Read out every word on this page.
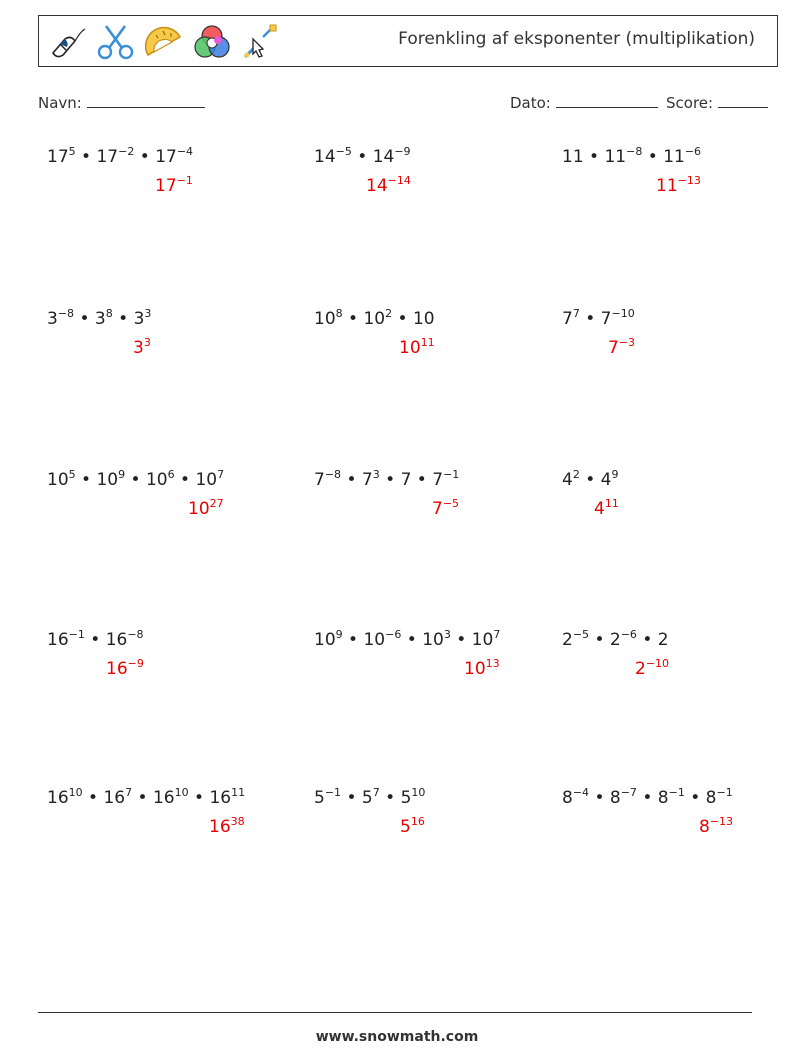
Forenkling af eksponenter (multiplikation)
Navn:	Dato:	Score:
$17^5$ • $17^{-2}$ • $17^{-4}$
$17^{-1}$
$14^{-5}$ • $14^{-9}$
$14^{-14}$
11 • $11^{-8}$ • $11^{-6}$
$11^{-13}$
$3^{-8}$ • $3^8$ • $3^3$
$3^3$
$10^8$ • $10^2$ • 10
$10^{11}$
$7^7$ • $7^{-10}$
$7^{-3}$
$10^5$ • $10^9$ • $10^6$ • $10^7$
$10^{27}$
$7^{-8}$ • $7^3$ • 7 • $7^{-1}$
$7^{-5}$
$4^2$ • $4^9$
$4^{11}$
$16^{-1}$ • $16^{-8}$
$16^{-9}$
$10^9$ • $10^{-6}$ • $10^3$ • $10^7$
$10^{13}$
$2^{-5}$ • $2^{-6}$ • 2
$2^{-10}$
$16^{10}$ • $16^7$ • $16^{10}$ • $16^{11}$
$16^{38}$
$5^{-1}$ • $5^7$ • $5^{10}$
$5^{16}$
$8^{-4}$ • $8^{-7}$ • $8^{-1}$ • $8^{-1}$
$8^{-13}$
www.snowmath.com
